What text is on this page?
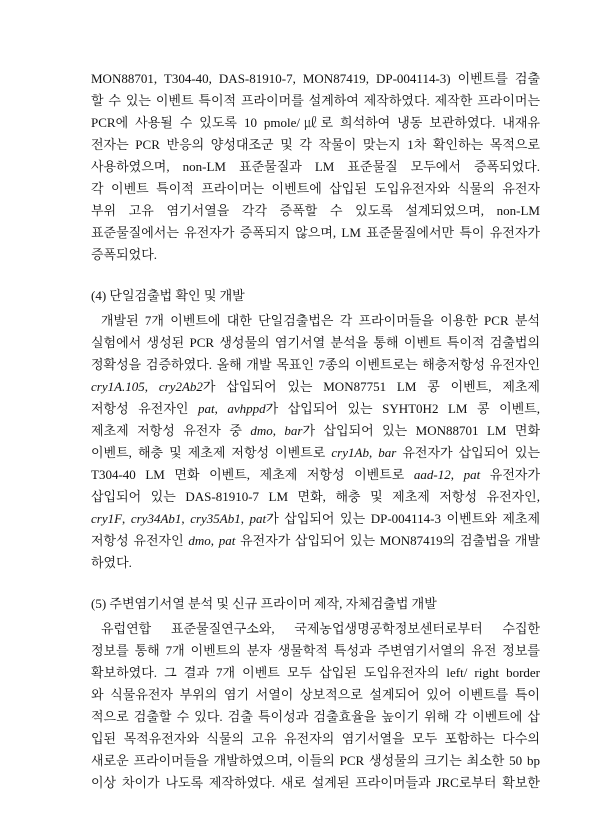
MON88701, T304-40, DAS-81910-7, MON87419, DP-004114-3) 이벤트를 검출
할 수 있는 이벤트 특이적 프라이머를 설계하여 제작하였다. 제작한 프라이머는
PCR에 사용될 수 있도록 10 pmole/㎕로 희석하여 냉동 보관하였다. 내재유
전자는 PCR 반응의 양성대조군 및 각 작물이 맞는지 1차 확인하는 목적으로
사용하였으며, non-LM 표준물질과 LM 표준물질 모두에서 증폭되었다.
각 이벤트 특이적 프라이머는 이벤트에 삽입된 도입유전자와 식물의 유전자
부위 고유 염기서열을 각각 증폭할 수 있도록 설계되었으며, non-LM
표준물질에서는 유전자가 증폭되지 않으며, LM 표준물질에서만 특이 유전자가
증폭되었다.
(4) 단일검출법 확인 및 개발
개발된 7개 이벤트에 대한 단일검출법은 각 프라이머들을 이용한 PCR 분석
실험에서 생성된 PCR 생성물의 염기서열 분석을 통해 이벤트 특이적 검출법의
정확성을 검증하였다. 올해 개발 목표인 7종의 이벤트로는 해충저항성 유전자인
cry1A.105, cry2Ab2가 삽입되어 있는 MON87751 LM 콩 이벤트, 제초제
저항성 유전자인 pat, avhppd가 삽입되어 있는 SYHT0H2 LM 콩 이벤트,
제초제 저항성 유전자 중 dmo, bar가 삽입되어 있는 MON88701 LM 면화
이벤트, 해충 및 제초제 저항성 이벤트로 cry1Ab, bar 유전자가 삽입되어 있는
T304-40 LM 면화 이벤트, 제초제 저항성 이벤트로 aad-12, pat 유전자가
삽입되어 있는 DAS-81910-7 LM 면화, 해충 및 제초제 저항성 유전자인,
cry1F, cry34Ab1, cry35Ab1, pat가 삽입되어 있는 DP-004114-3 이벤트와 제초제
저항성 유전자인 dmo, pat 유전자가 삽입되어 있는 MON87419의 검출법을 개발
하였다.
(5) 주변염기서열 분석 및 신규 프라이머 제작, 자체검출법 개발
유럽연합 표준물질연구소와, 국제농업생명공학정보센터로부터 수집한
정보를 통해 7개 이벤트의 분자 생물학적 특성과 주변염기서열의 유전 정보를
확보하였다. 그 결과 7개 이벤트 모두 삽입된 도입유전자의 left/ right border
와 식물유전자 부위의 염기 서열이 상보적으로 설계되어 있어 이벤트를 특이
적으로 검출할 수 있다. 검출 특이성과 검출효율을 높이기 위해 각 이벤트에 삽
입된 목적유전자와 식물의 고유 유전자의 염기서열을 모두 포함하는 다수의
새로운 프라이머들을 개발하였으며, 이들의 PCR 생성물의 크기는 최소한 50 bp
이상 차이가 나도록 제작하였다. 새로 설계된 프라이머들과 JRC로부터 확보한
